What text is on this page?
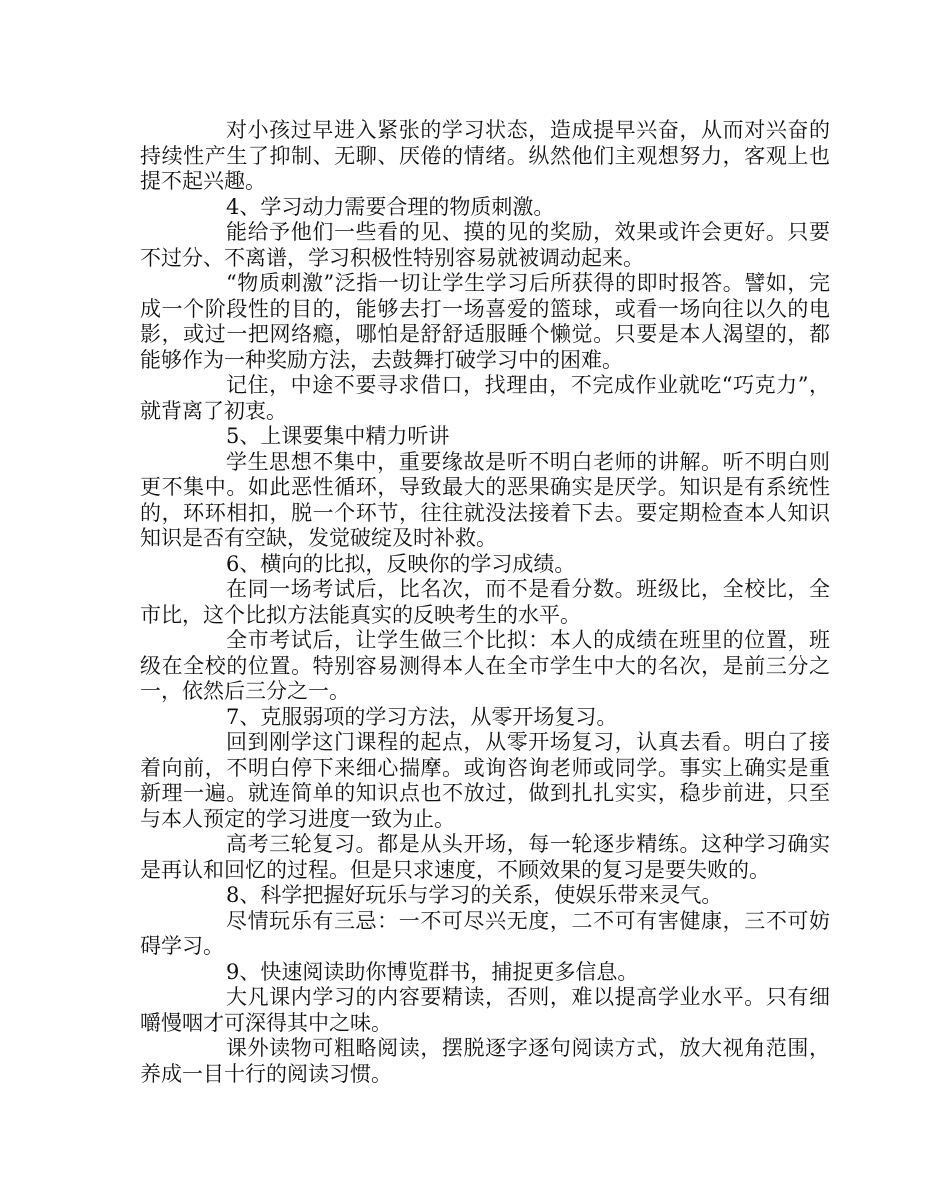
对小孩过早进入紧张的学习状态，造成提早兴奋，从而对兴奋的持续性产生了抑制、无聊、厌倦的情绪。纵然他们主观想努力，客观上也提不起兴趣。

4、学习动力需要合理的物质刺激。

能给予他们一些看的见、摸的见的奖励，效果或许会更好。只要不过分、不离谱，学习积极性特别容易就被调动起来。

“物质刺激”泛指一切让学生学习后所获得的即时报答。譬如，完成一个阶段性的目的，能够去打一场喜爱的篮球，或看一场向往以久的电影，或过一把网络瘾，哪怕是舒舒适服睡个懒觉。只要是本人渴望的，都能够作为一种奖励方法，去鼓舞打破学习中的困难。

记住，中途不要寻求借口，找理由，不完成作业就吃“巧克力”，就背离了初衷。

5、上课要集中精力听讲

学生思想不集中，重要缘故是听不明白老师的讲解。听不明白则更不集中。如此恶性循环，导致最大的恶果确实是厌学。知识是有系统性的，环环相扣，脱一个环节，往往就没法接着下去。要定期检查本人知识知识是否有空缺，发觉破绽及时补救。

6、横向的比拟，反映你的学习成绩。

在同一场考试后，比名次，而不是看分数。班级比，全校比，全市比，这个比拟方法能真实的反映考生的水平。

全市考试后，让学生做三个比拟：本人的成绩在班里的位置，班级在全校的位置。特别容易测得本人在全市学生中大的名次，是前三分之一，依然后三分之一。

7、克服弱项的学习方法，从零开场复习。

回到刚学这门课程的起点，从零开场复习，认真去看。明白了接着向前，不明白停下来细心揣摩。或询咨询老师或同学。事实上确实是重新理一遍。就连简单的知识点也不放过，做到扎扎实实，稳步前进，只至与本人预定的学习进度一致为止。

高考三轮复习。都是从头开场，每一轮逐步精练。这种学习确实是再认和回忆的过程。但是只求速度，不顾效果的复习是要失败的。

8、科学把握好玩乐与学习的关系，使娱乐带来灵气。

尽情玩乐有三忌：一不可尽兴无度，二不可有害健康，三不可妨碍学习。

9、快速阅读助你博览群书，捕捉更多信息。

大凡课内学习的内容要精读，否则，难以提高学业水平。只有细嚼慢咽才可深得其中之味。

课外读物可粗略阅读，摆脱逐字逐句阅读方式，放大视角范围，养成一目十行的阅读习惯。
